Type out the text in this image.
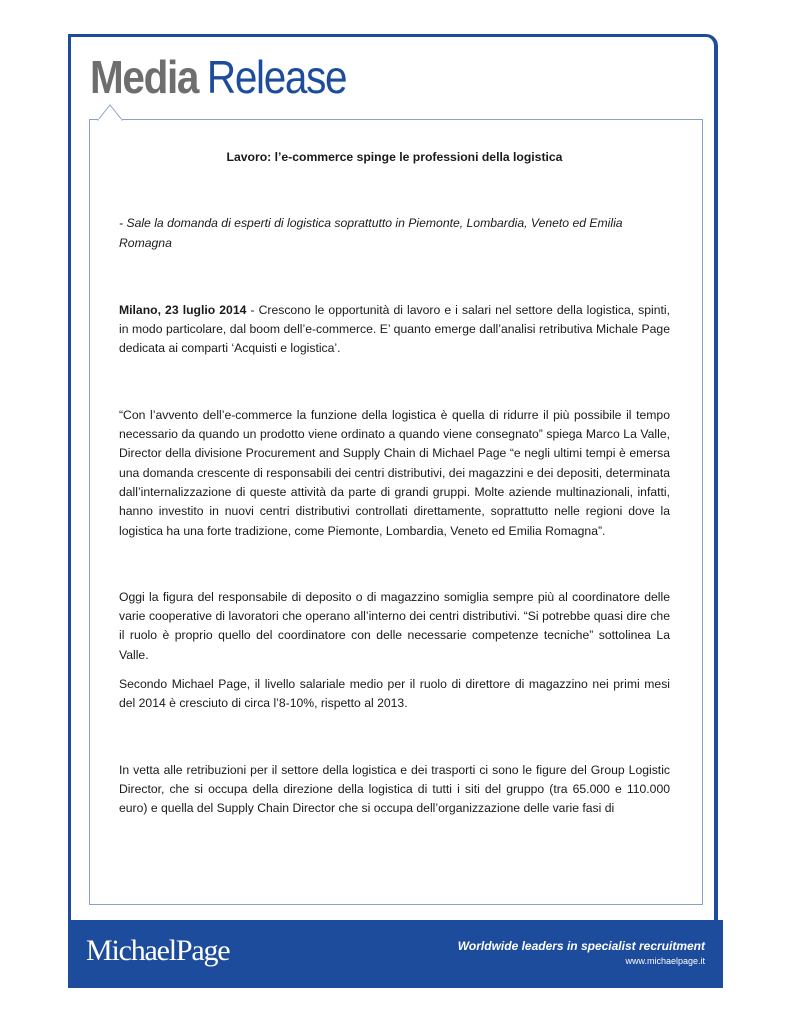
Media Release

Lavoro: l’e-commerce spinge le professioni della logistica

- Sale la domanda di esperti di logistica soprattutto in Piemonte, Lombardia, Veneto ed Emilia Romagna

Milano, 23 luglio 2014 - Crescono le opportunità di lavoro e i salari nel settore della logistica, spinti, in modo particolare, dal boom dell’e-commerce. E’ quanto emerge dall’analisi retributiva Michale Page dedicata ai comparti ‘Acquisti e logistica’.

“Con l’avvento dell’e-commerce la funzione della logistica è quella di ridurre il più possibile il tempo necessario da quando un prodotto viene ordinato a quando viene consegnato” spiega Marco La Valle, Director della divisione Procurement and Supply Chain di Michael Page “e negli ultimi tempi è emersa una domanda crescente di responsabili dei centri distributivi, dei magazzini e dei depositi, determinata dall’internalizzazione di queste attività da parte di grandi gruppi. Molte aziende multinazionali, infatti, hanno investito in nuovi centri distributivi controllati direttamente, soprattutto nelle regioni dove la logistica ha una forte tradizione, come Piemonte, Lombardia, Veneto ed Emilia Romagna”.

Oggi la figura del responsabile di deposito o di magazzino somiglia sempre più al coordinatore delle varie cooperative di lavoratori che operano all’interno dei centri distributivi. “Si potrebbe quasi dire che il ruolo è proprio quello del coordinatore con delle necessarie competenze tecniche” sottolinea La Valle.

Secondo Michael Page, il livello salariale medio per il ruolo di direttore di magazzino nei primi mesi del 2014 è cresciuto di circa l’8-10%, rispetto al 2013.

In vetta alle retribuzioni per il settore della logistica e dei trasporti ci sono le figure del Group Logistic Director, che si occupa della direzione della logistica di tutti i siti del gruppo (tra 65.000 e 110.000 euro) e quella del Supply Chain Director che si occupa dell’organizzazione delle varie fasi di

MichaelPage	Worldwide leaders in specialist recruitment

www.michaelpage.it
